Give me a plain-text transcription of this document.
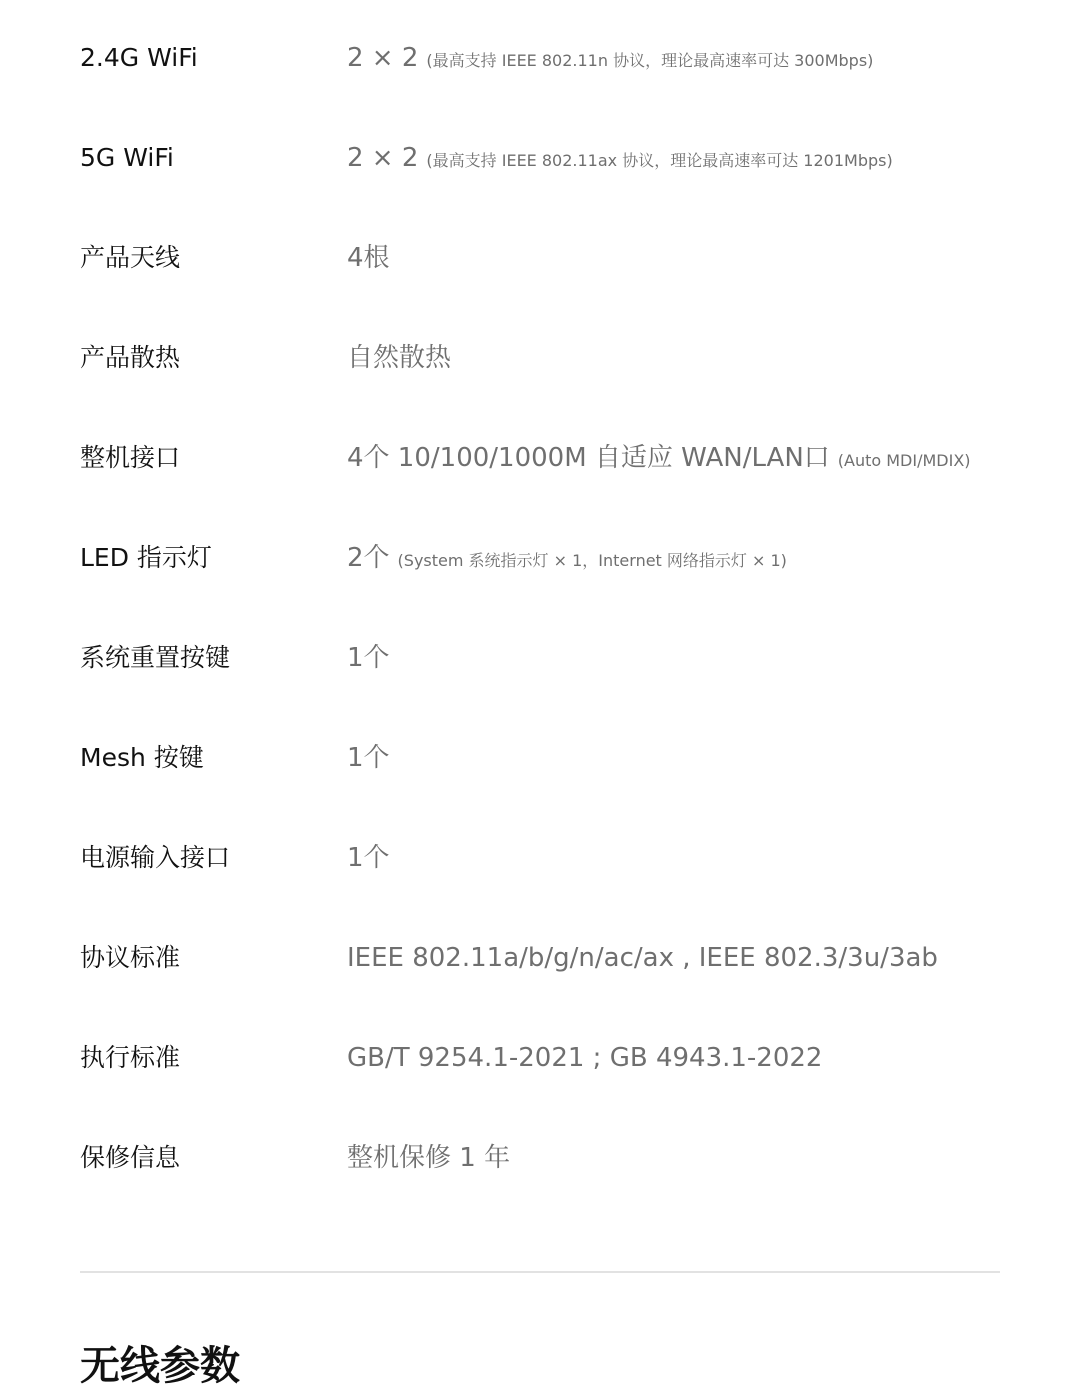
2.4G WiFi	2 × 2 (最高支持 IEEE 802.11n 协议，理论最高速率可达 300Mbps)
5G WiFi	2 × 2 (最高支持 IEEE 802.11ax 协议，理论最高速率可达 1201Mbps)
产品天线	4根
产品散热	自然散热
整机接口	4个 10/100/1000M 自适应 WAN/LAN口 (Auto MDI/MDIX)
LED 指示灯	2个 (System 系统指示灯 × 1，Internet 网络指示灯 × 1)
系统重置按键	1个
Mesh 按键	1个
电源输入接口	1个
协议标准	IEEE 802.11a/b/g/n/ac/ax , IEEE 802.3/3u/3ab
执行标准	GB/T 9254.1-2021 ; GB 4943.1-2022
保修信息	整机保修 1 年
无线参数
